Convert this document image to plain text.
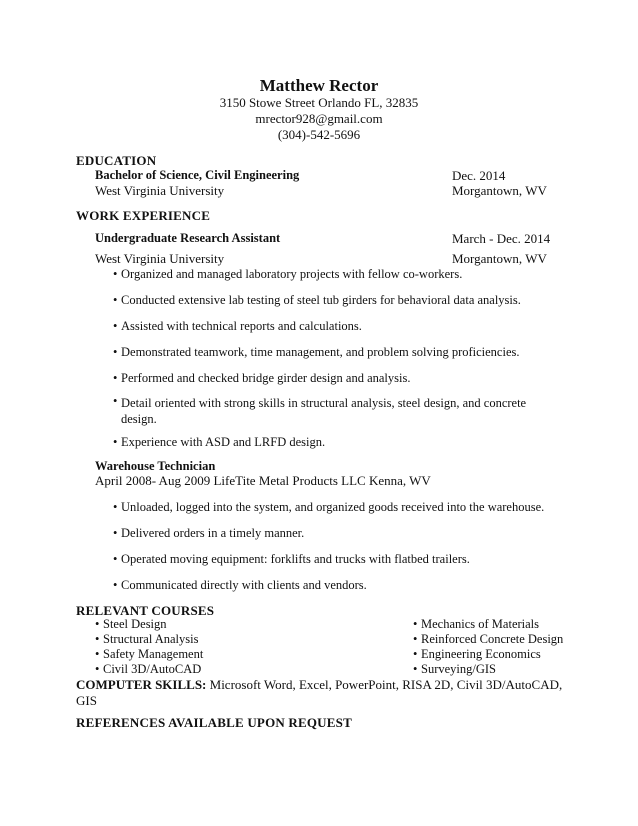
Matthew Rector
3150 Stowe Street Orlando FL, 32835
mrector928@gmail.com
(304)-542-5696
EDUCATION
Bachelor of Science, Civil Engineering	Dec. 2014
West Virginia University	Morgantown, WV
WORK EXPERIENCE
Undergraduate Research Assistant	March - Dec. 2014
West Virginia University	Morgantown, WV
• Organized and managed laboratory projects with fellow co-workers.
• Conducted extensive lab testing of steel tub girders for behavioral data analysis.
• Assisted with technical reports and calculations.
• Demonstrated teamwork, time management, and problem solving proficiencies.
• Performed and checked bridge girder design and analysis.
• Detail oriented with strong skills in structural analysis, steel design, and concrete design.
• Experience with ASD and LRFD design.
Warehouse Technician
April 2008- Aug 2009 LifeTite Metal Products LLC Kenna, WV
• Unloaded, logged into the system, and organized goods received into the warehouse.
• Delivered orders in a timely manner.
• Operated moving equipment: forklifts and trucks with flatbed trailers.
• Communicated directly with clients and vendors.
RELEVANT COURSES
• Steel Design
• Structural Analysis
• Safety Management
• Civil 3D/AutoCAD
• Mechanics of Materials
• Reinforced Concrete Design
• Engineering Economics
• Surveying/GIS
COMPUTER SKILLS: Microsoft Word, Excel, PowerPoint, RISA 2D, Civil 3D/AutoCAD,
GIS
REFERENCES AVAILABLE UPON REQUEST
